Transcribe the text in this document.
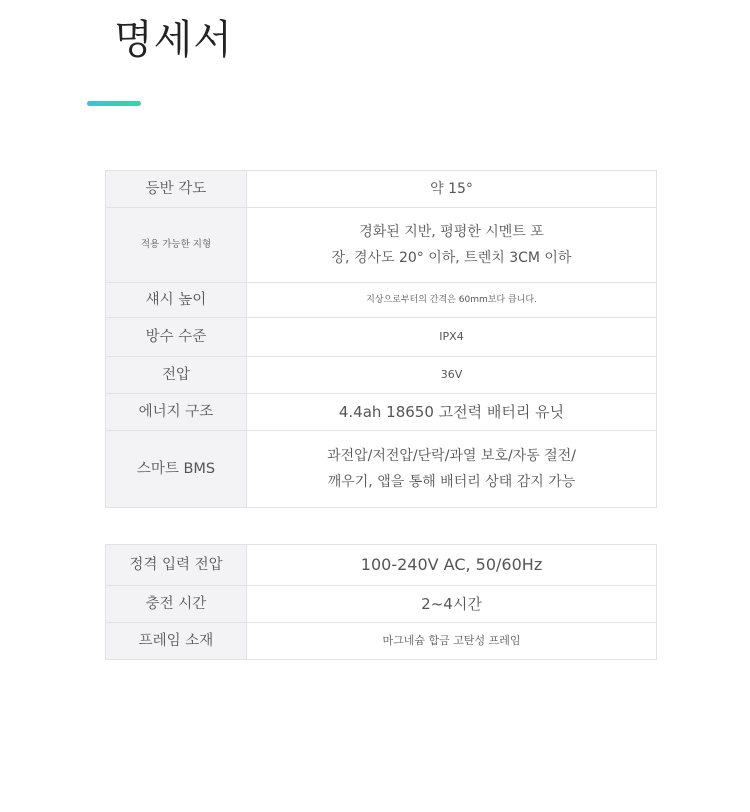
명세서
등반 각도	약 15°
적용 가능한 지형	경화된 지반, 평평한 시멘트 포
장, 경사도 20° 이하, 트렌치 3CM 이하

섀시 높이	지상으로부터의 간격은 60mm보다 큽니다.
방수 수준	IPX4
전압	36V
에너지 구조	4.4ah 18650 고전력 배터리 유닛
스마트 BMS	과전압/저전압/단락/과열 보호/자동 절전/
깨우기, 앱을 통해 배터리 상태 감지 가능
정격 입력 전압	100-240V AC, 50/60Hz
충전 시간	2~4시간
프레임 소재	마그네슘 합금 고탄성 프레임
